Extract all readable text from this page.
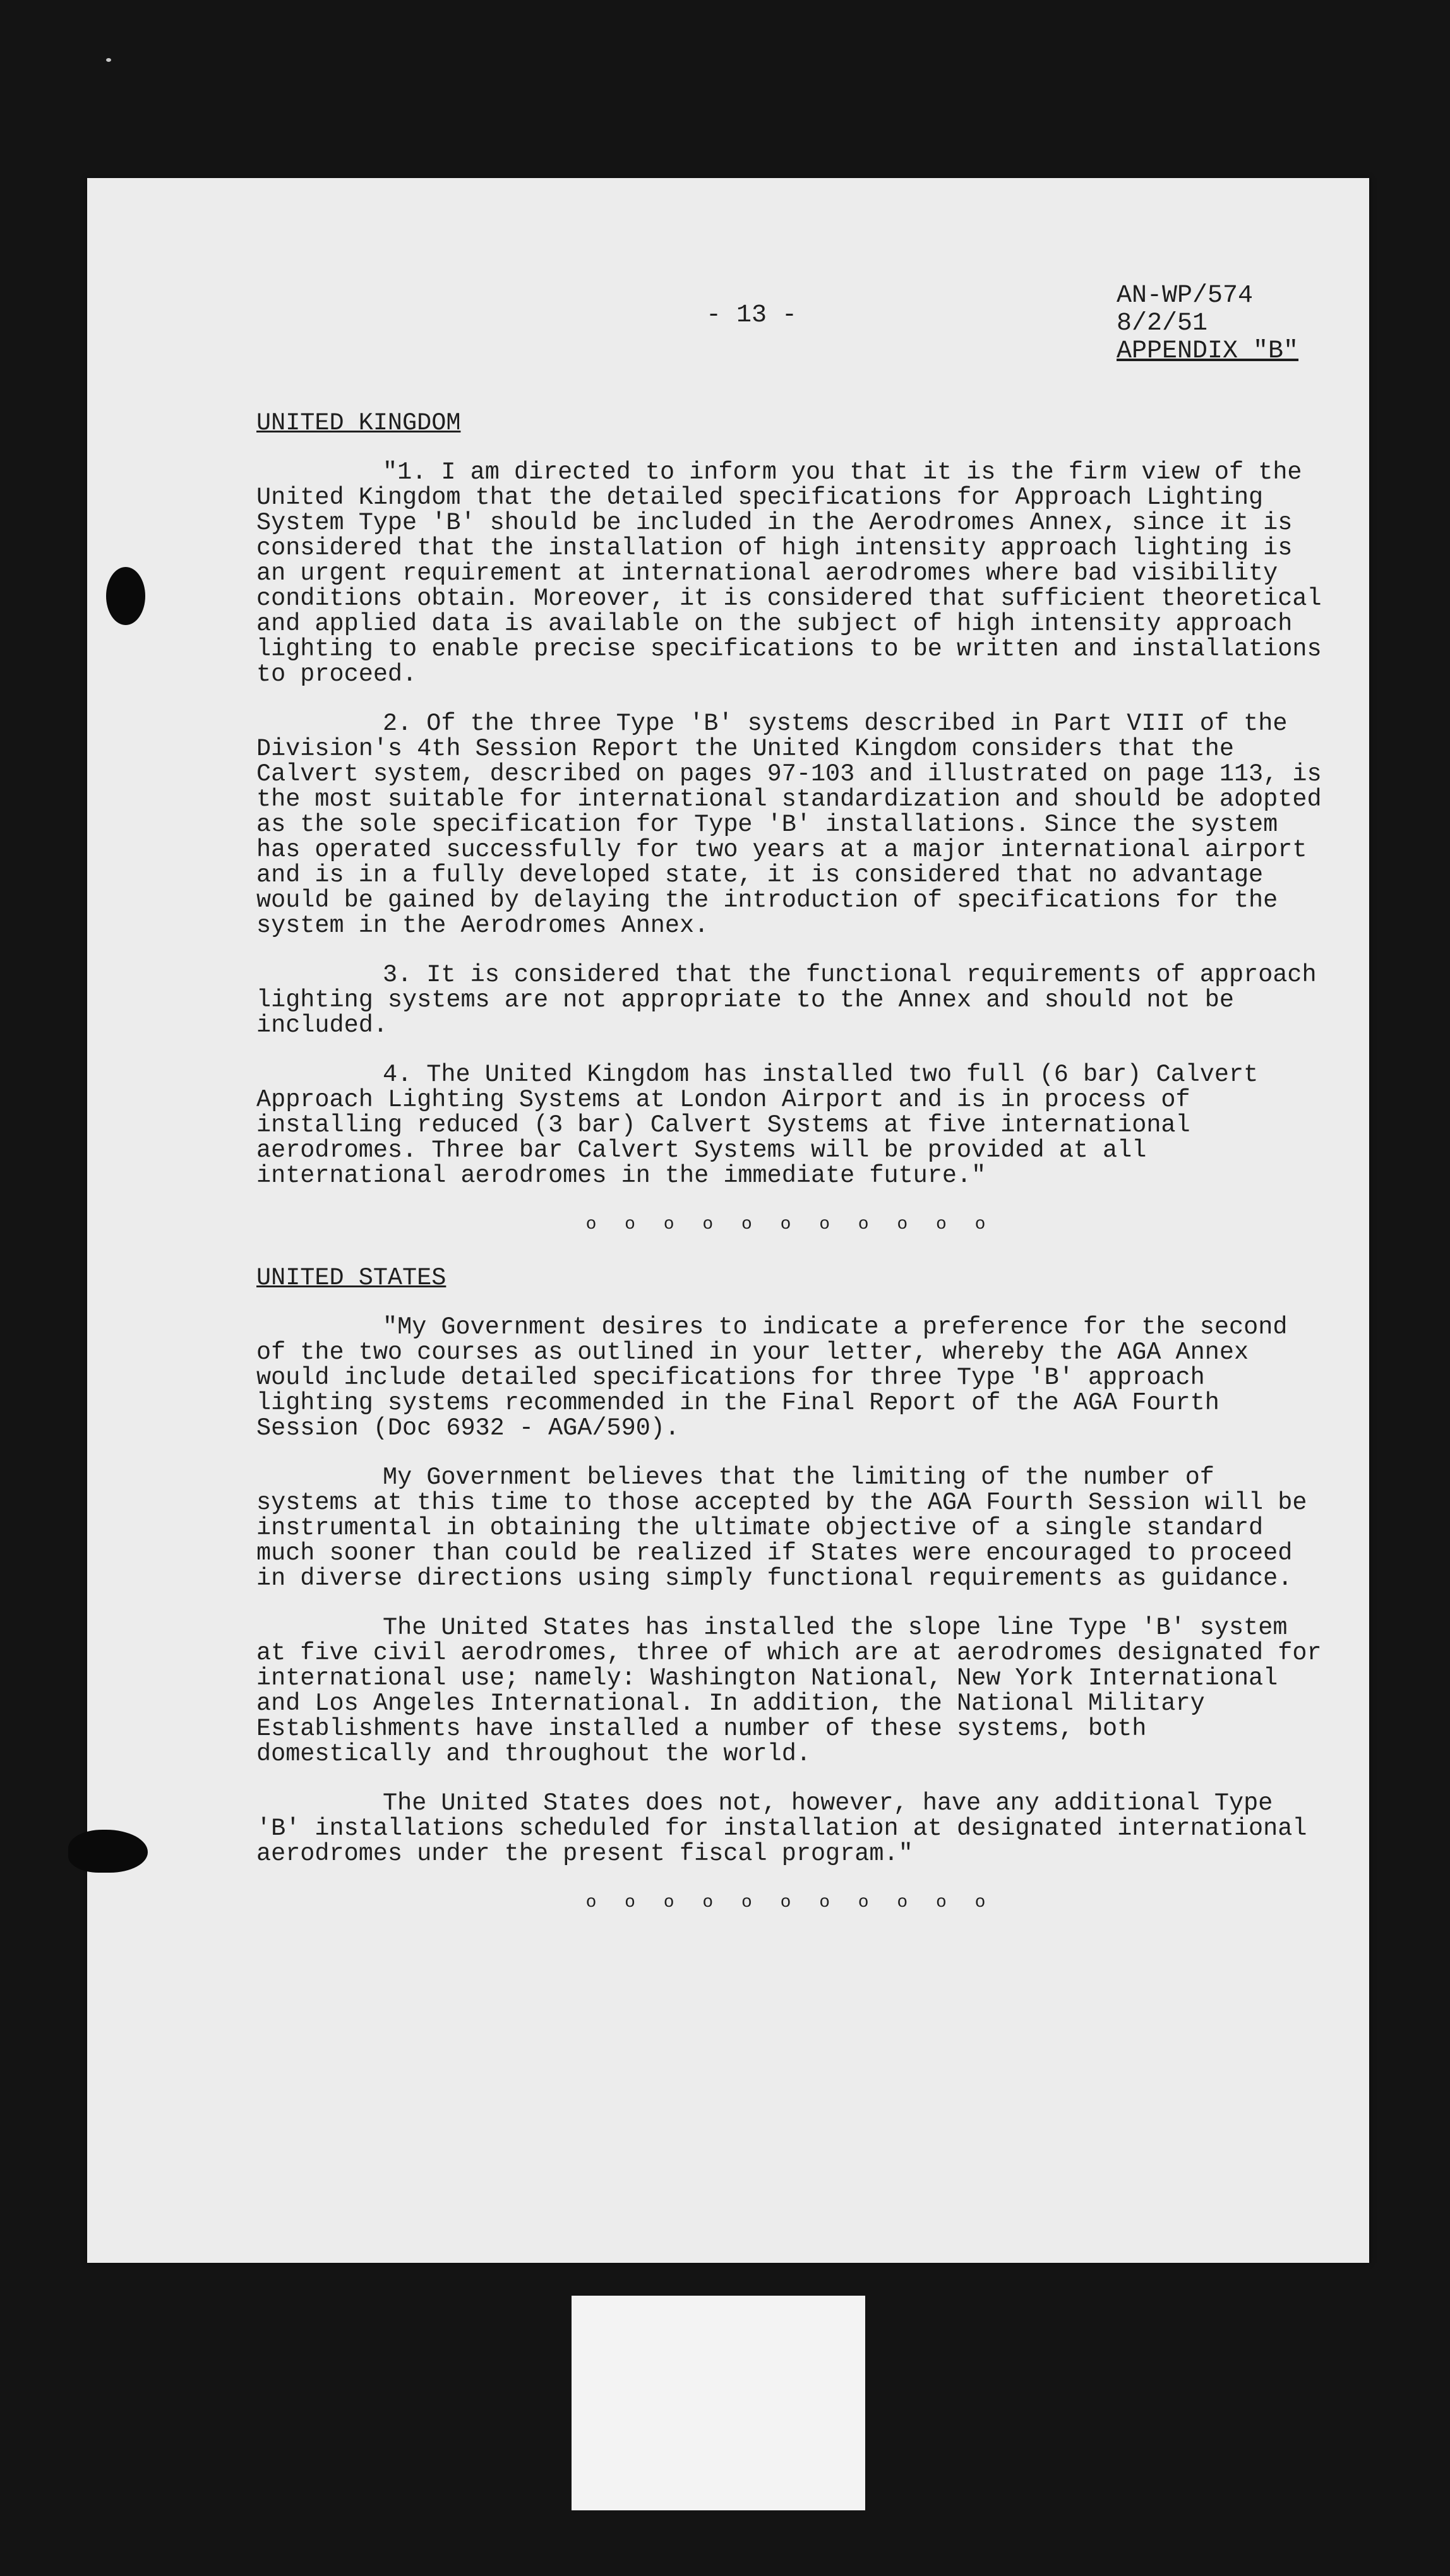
- 13 -
AN-WP/574
8/2/51
APPENDIX "B"
UNITED KINGDOM

"1. I am directed to inform you that it is the firm view of the United Kingdom that the detailed specifications for Approach Lighting System Type 'B' should be included in the Aerodromes Annex, since it is considered that the installation of high intensity approach lighting is an urgent requirement at international aerodromes where bad visibility conditions obtain. Moreover, it is considered that sufficient theoretical and applied data is available on the subject of high intensity approach lighting to enable precise specifications to be written and installations to proceed.

2. Of the three Type 'B' systems described in Part VIII of the Division's 4th Session Report the United Kingdom considers that the Calvert system, described on pages 97-103 and illustrated on page 113, is the most suitable for international standardization and should be adopted as the sole specification for Type 'B' installations. Since the system has operated successfully for two years at a major international airport and is in a fully developed state, it is considered that no advantage would be gained by delaying the introduction of specifications for the system in the Aerodromes Annex.

3. It is considered that the functional requirements of approach lighting systems are not appropriate to the Annex and should not be included.

4. The United Kingdom has installed two full (6 bar) Calvert Approach Lighting Systems at London Airport and is in process of installing reduced (3 bar) Calvert Systems at five international aerodromes. Three bar Calvert Systems will be provided at all international aerodromes in the immediate future."

o o o o o o o o o o o
UNITED STATES

"My Government desires to indicate a preference for the second of the two courses as outlined in your letter, whereby the AGA Annex would include detailed specifications for three Type 'B' approach lighting systems recommended in the Final Report of the AGA Fourth Session (Doc 6932 - AGA/590).

My Government believes that the limiting of the number of systems at this time to those accepted by the AGA Fourth Session will be instrumental in obtaining the ultimate objective of a single standard much sooner than could be realized if States were encouraged to proceed in diverse directions using simply functional requirements as guidance.

The United States has installed the slope line Type 'B' system at five civil aerodromes, three of which are at aerodromes designated for international use; namely: Washington National, New York International and Los Angeles International. In addition, the National Military Establishments have installed a number of these systems, both domestically and throughout the world.

The United States does not, however, have any additional Type 'B' installations scheduled for installation at designated international aerodromes under the present fiscal program."

o o o o o o o o o o o
